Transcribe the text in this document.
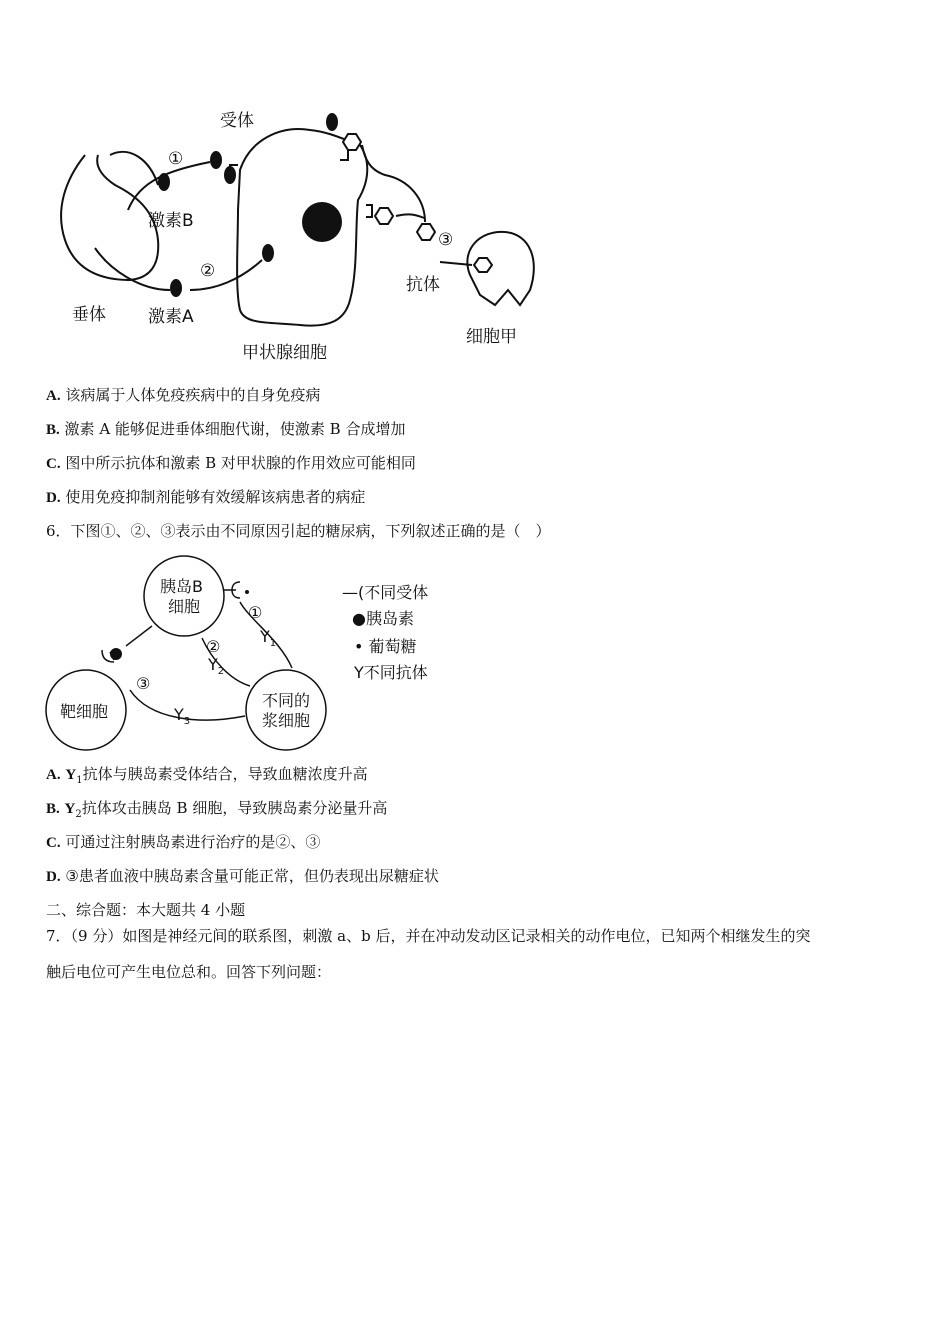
受体
激素B
激素A
垂体
甲状腺细胞
抗体
细胞甲
①
②
③
A. 该病属于人体免疫疾病中的自身免疫病
B. 激素 A 能够促进垂体细胞代谢，使激素 B 合成增加
C. 图中所示抗体和激素 B 对甲状腺的作用效应可能相同
D. 使用免疫抑制剂能够有效缓解该病患者的病症
6．下图①、②、③表示由不同原因引起的糖尿病，下列叙述正确的是（　）
胰岛B
细胞
靶细胞
不同的
浆细胞
①
②
③
$Y_1$
$Y_2$
$Y_3$
—(不同受体
●胰岛素
• 葡萄糖
Y不同抗体
A. $Y_1$抗体与胰岛素受体结合，导致血糖浓度升高
B. $Y_2$抗体攻击胰岛 B 细胞，导致胰岛素分泌量升高
C. 可通过注射胰岛素进行治疗的是②、③
D. ③患者血液中胰岛素含量可能正常，但仍表现出尿糖症状
二、综合题：本大题共 4 小题
7．（9 分）如图是神经元间的联系图，刺激 a、b 后，并在冲动发动区记录相关的动作电位，已知两个相继发生的突
触后电位可产生电位总和。回答下列问题：
